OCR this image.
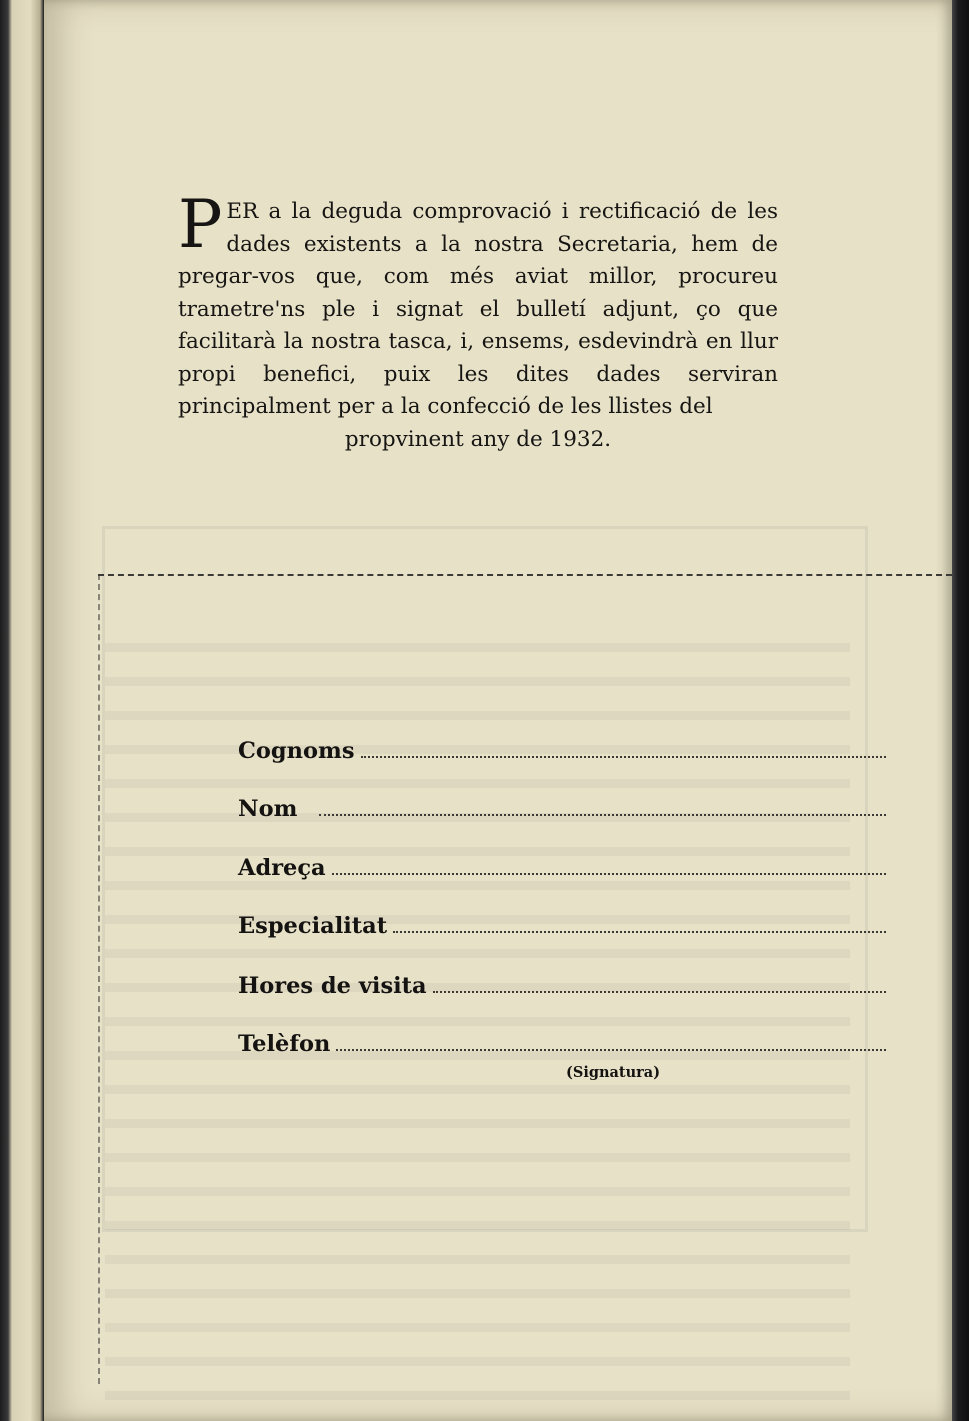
PER a la deguda comprovació i rectificació de les dades existents a la nostra Secretaria, hem de pregar-vos que, com més aviat millor, procureu trametre'ns ple i signat el bulletí adjunt, ço que facilitarà la nostra tasca, i, ensems, esdevindrà en llur propi benefici, puix les dites dades serviran principalment per a la confecció de les llistes del
propvinent any de 1932.
Cognoms
Nom
Adreça
Especialitat
Hores de visita
Telèfon
(Signatura)
